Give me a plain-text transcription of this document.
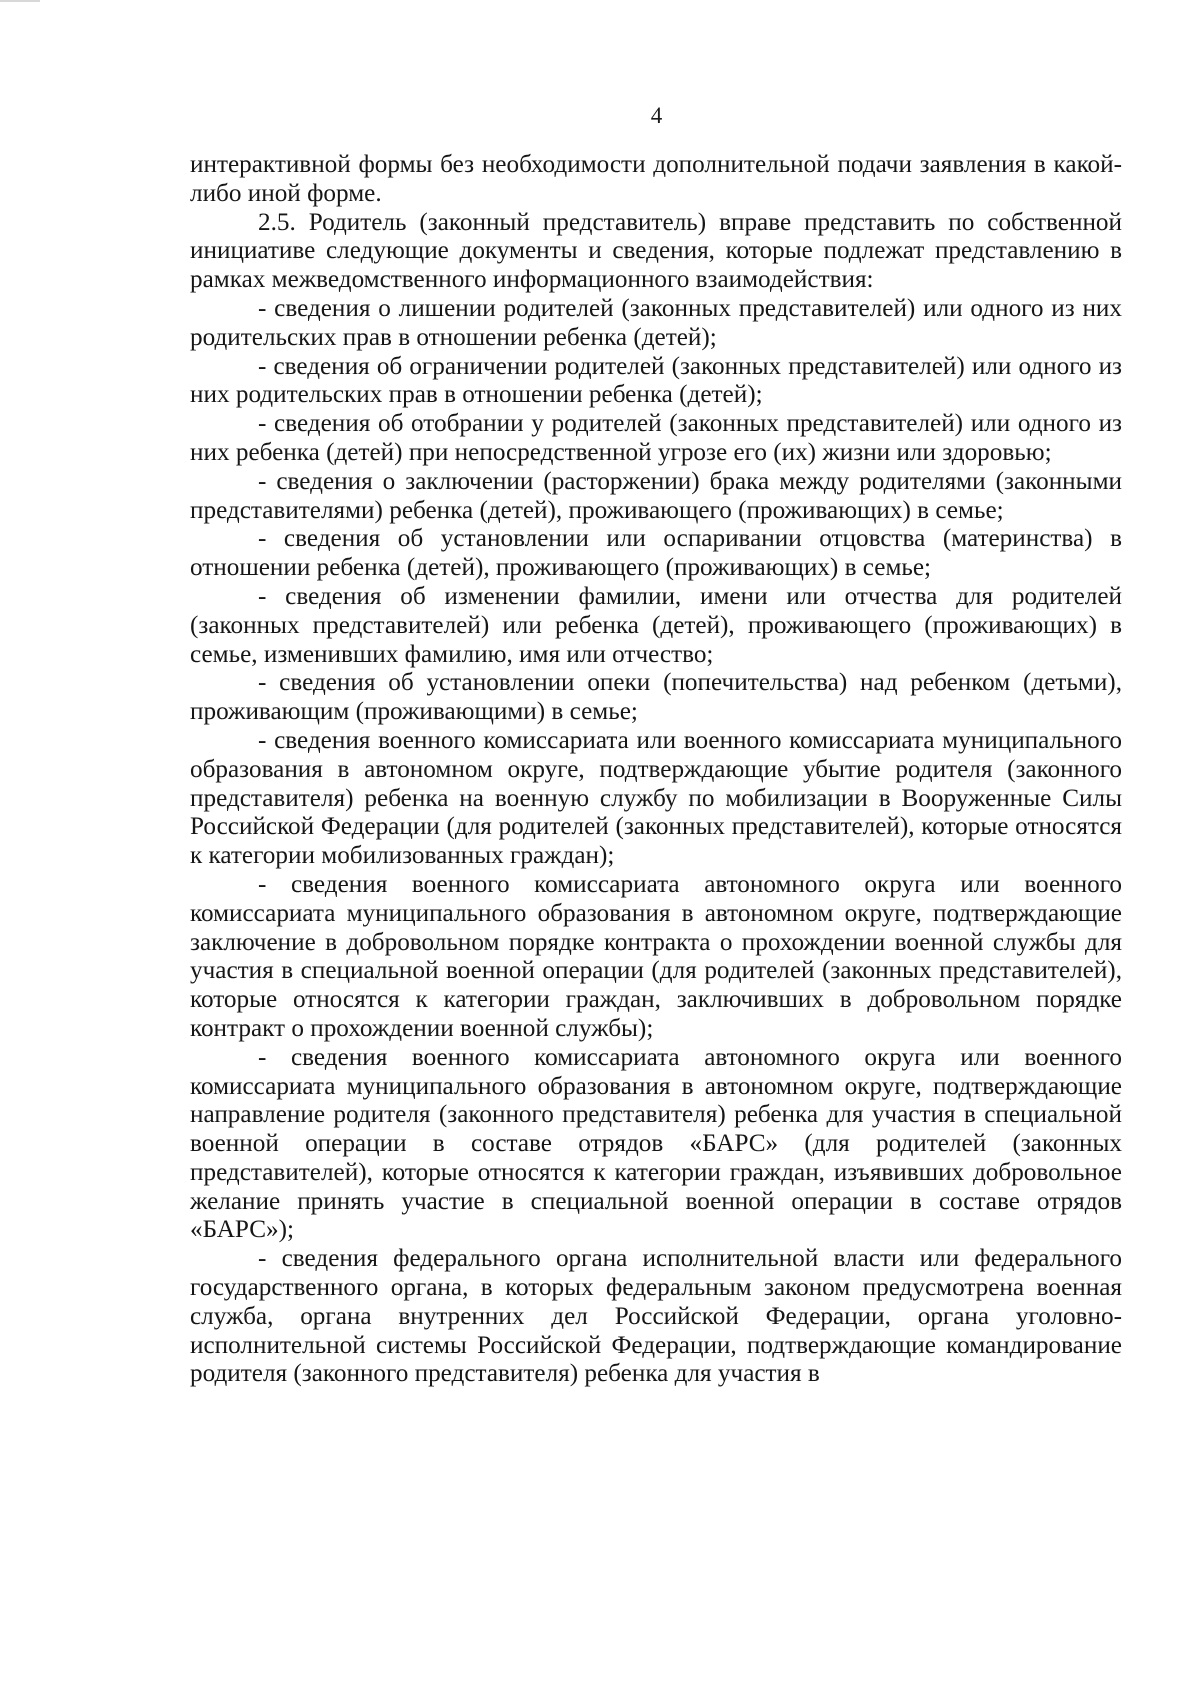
4

интерактивной формы без необходимости дополнительной подачи заявления в какой-либо иной форме.

2.5. Родитель (законный представитель) вправе представить по собственной инициативе следующие документы и сведения, которые подлежат представлению в рамках межведомственного информационного взаимодействия:

- сведения о лишении родителей (законных представителей) или одного из них родительских прав в отношении ребенка (детей);

- сведения об ограничении родителей (законных представителей) или одного из них родительских прав в отношении ребенка (детей);

- сведения об отобрании у родителей (законных представителей) или одного из них ребенка (детей) при непосредственной угрозе его (их) жизни или здоровью;

- сведения о заключении (расторжении) брака между родителями (законными представителями) ребенка (детей), проживающего (проживающих) в семье;

- сведения об установлении или оспаривании отцовства (материнства) в отношении ребенка (детей), проживающего (проживающих) в семье;

- сведения об изменении фамилии, имени или отчества для родителей (законных представителей) или ребенка (детей), проживающего (проживающих) в семье, изменивших фамилию, имя или отчество;

- сведения об установлении опеки (попечительства) над ребенком (детьми), проживающим (проживающими) в семье;

- сведения военного комиссариата или военного комиссариата муниципального образования в автономном округе, подтверждающие убытие родителя (законного представителя) ребенка на военную службу по мобилизации в Вооруженные Силы Российской Федерации (для родителей (законных представителей), которые относятся к категории мобилизованных граждан);

- сведения военного комиссариата автономного округа или военного комиссариата муниципального образования в автономном округе, подтверждающие заключение в добровольном порядке контракта о прохождении военной службы для участия в специальной военной операции (для родителей (законных представителей), которые относятся к категории граждан, заключивших в добровольном порядке контракт о прохождении военной службы);

- сведения военного комиссариата автономного округа или военного комиссариата муниципального образования в автономном округе, подтверждающие направление родителя (законного представителя) ребенка для участия в специальной военной операции в составе отрядов «БАРС» (для родителей (законных представителей), которые относятся к категории граждан, изъявивших добровольное желание принять участие в специальной военной операции в составе отрядов «БАРС»);

- сведения федерального органа исполнительной власти или федерального государственного органа, в которых федеральным законом предусмотрена военная служба, органа внутренних дел Российской Федерации, органа уголовно-исполнительной системы Российской Федерации, подтверждающие командирование родителя (законного представителя) ребенка для участия в
